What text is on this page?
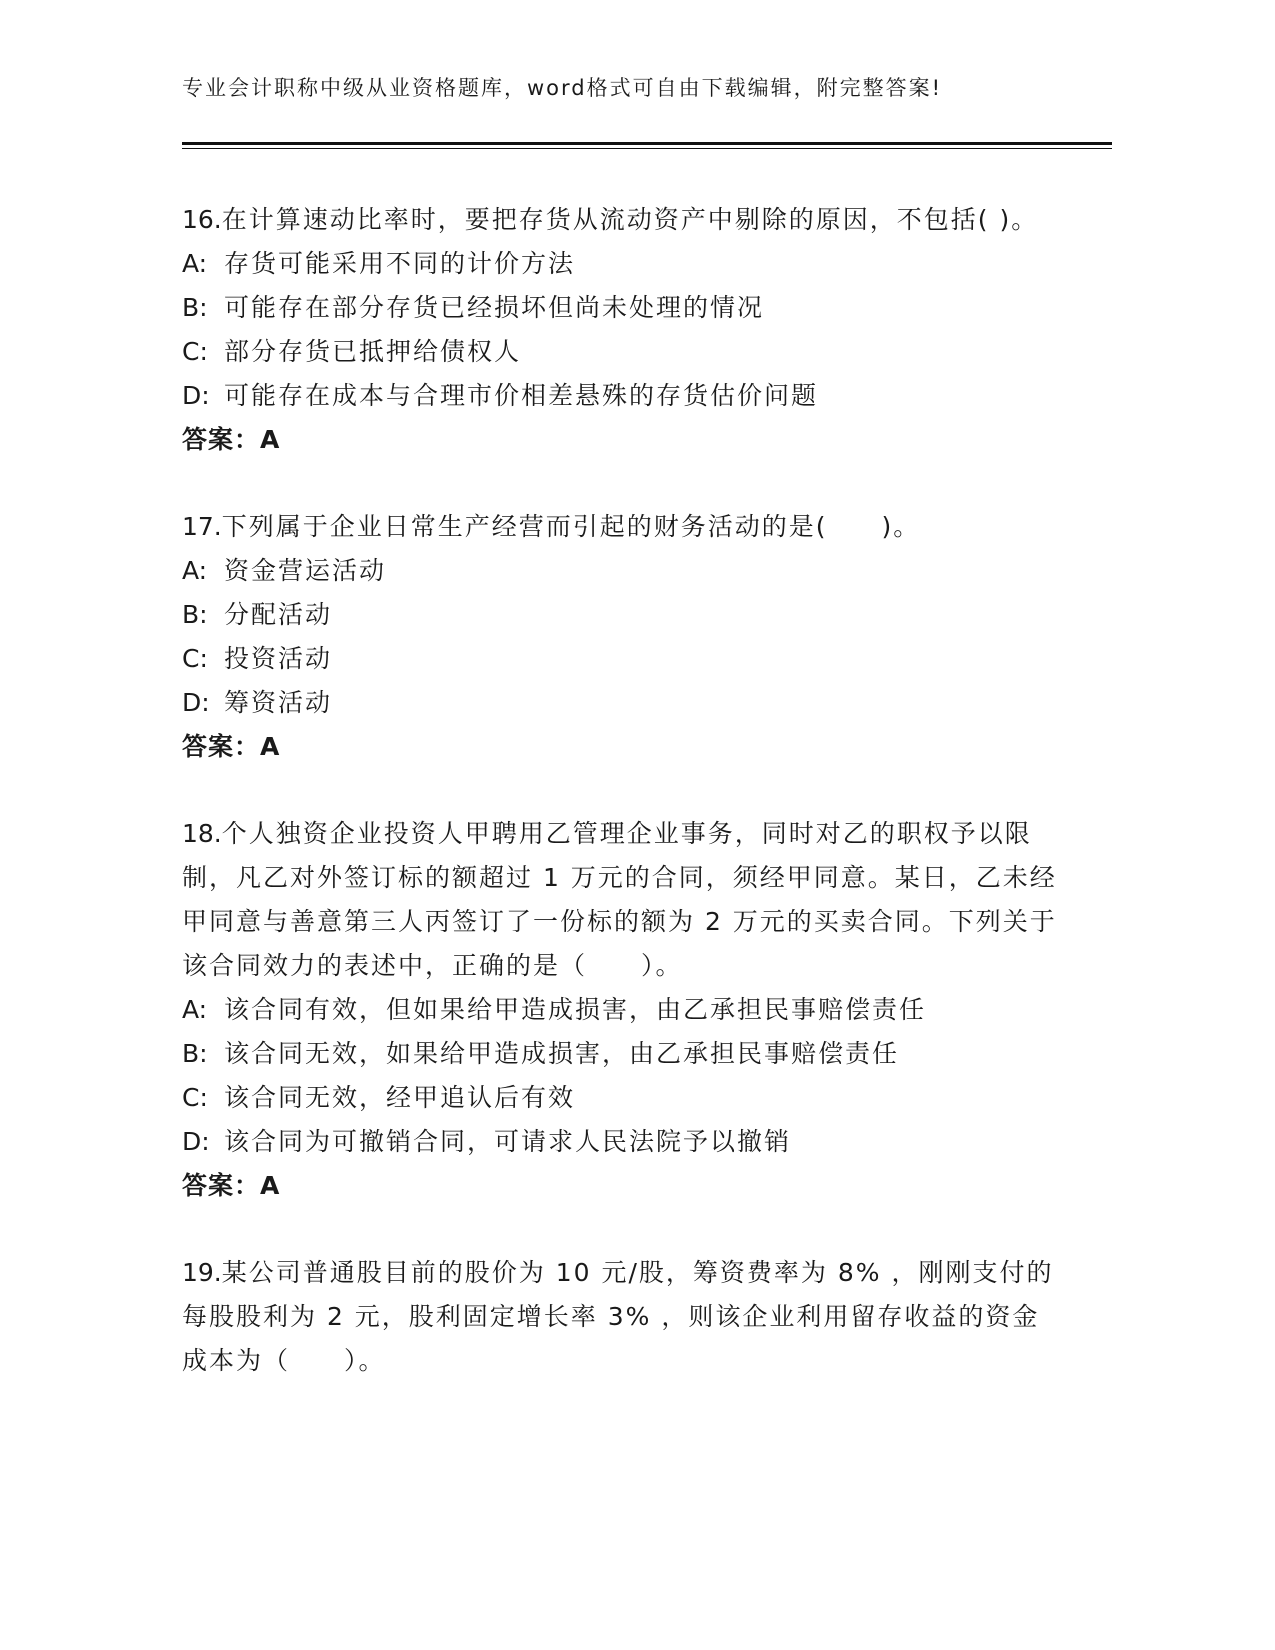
专业会计职称中级从业资格题库，word格式可自由下载编辑，附完整答案!

16.在计算速动比率时，要把存货从流动资产中剔除的原因，不包括( )。

A: 存货可能采用不同的计价方法
B: 可能存在部分存货已经损坏但尚未处理的情况
C: 部分存货已抵押给债权人
D: 可能存在成本与合理市价相差悬殊的存货估价问题
答案：A

17.下列属于企业日常生产经营而引起的财务活动的是(　　)。

A: 资金营运活动
B: 分配活动
C: 投资活动
D: 筹资活动
答案：A

18.个人独资企业投资人甲聘用乙管理企业事务，同时对乙的职权予以限制，凡乙对外签订标的额超过 1 万元的合同，须经甲同意。某日，乙未经甲同意与善意第三人丙签订了一份标的额为 2 万元的买卖合同。下列关于该合同效力的表述中，正确的是（　　）。

A: 该合同有效，但如果给甲造成损害，由乙承担民事赔偿责任
B: 该合同无效，如果给甲造成损害，由乙承担民事赔偿责任
C: 该合同无效，经甲追认后有效
D: 该合同为可撤销合同，可请求人民法院予以撤销
答案：A

19.某公司普通股目前的股价为 10 元/股，筹资费率为 8% ，刚刚支付的每股股利为 2 元，股利固定增长率 3% ，则该企业利用留存收益的资金成本为（　　）。
